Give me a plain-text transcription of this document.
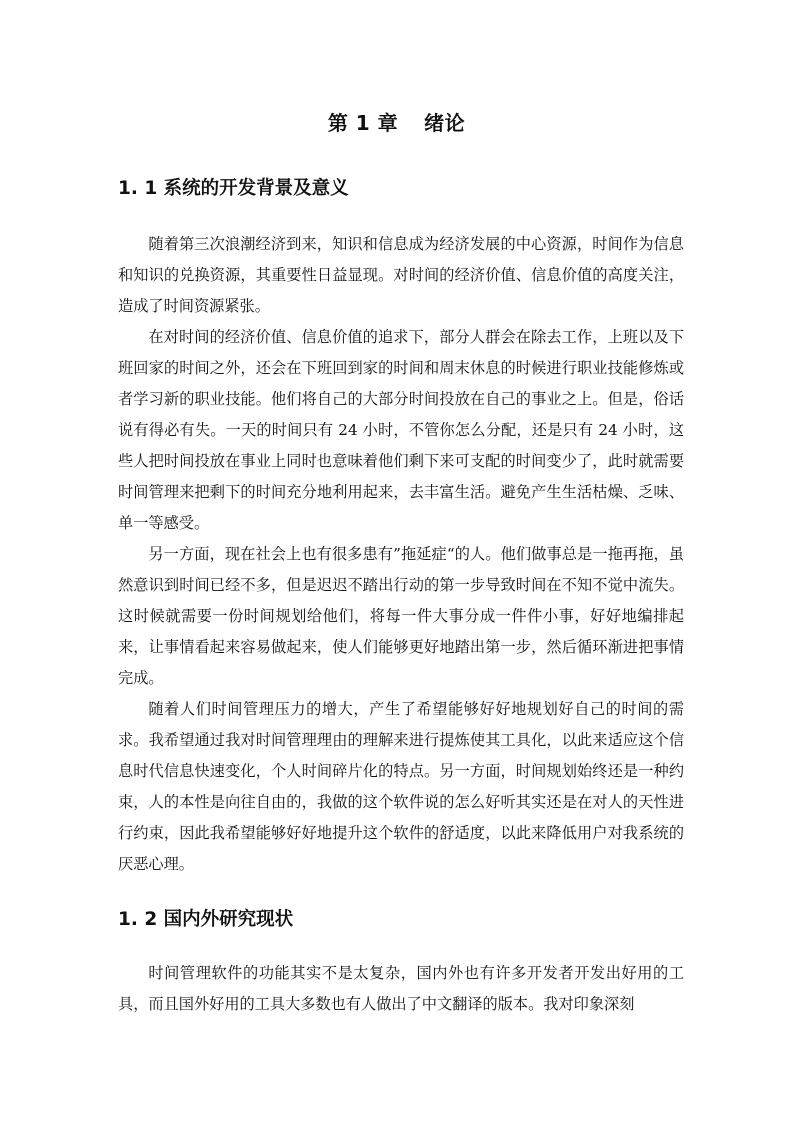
第 1 章 绪论
1. 1 系统的开发背景及意义

随着第三次浪潮经济到来，知识和信息成为经济发展的中心资源，时间作为信息和知识的兑换资源，其重要性日益显现。对时间的经济价值、信息价值的高度关注，造成了时间资源紧张。

在对时间的经济价值、信息价值的追求下，部分人群会在除去工作，上班以及下班回家的时间之外，还会在下班回到家的时间和周末休息的时候进行职业技能修炼或者学习新的职业技能。他们将自己的大部分时间投放在自己的事业之上。但是，俗话说有得必有失。一天的时间只有 24 小时，不管你怎么分配，还是只有 24 小时，这些人把时间投放在事业上同时也意味着他们剩下来可支配的时间变少了，此时就需要时间管理来把剩下的时间充分地利用起来，去丰富生活。避免产生生活枯燥、乏味、单一等感受。

另一方面，现在社会上也有很多患有”拖延症“的人。他们做事总是一拖再拖，虽然意识到时间已经不多，但是迟迟不踏出行动的第一步导致时间在不知不觉中流失。这时候就需要一份时间规划给他们，将每一件大事分成一件件小事，好好地编排起来，让事情看起来容易做起来，使人们能够更好地踏出第一步，然后循环渐进把事情完成。

随着人们时间管理压力的增大，产生了希望能够好好地规划好自己的时间的需求。我希望通过我对时间管理理由的理解来进行提炼使其工具化，以此来适应这个信息时代信息快速变化，个人时间碎片化的特点。另一方面，时间规划始终还是一种约束，人的本性是向往自由的，我做的这个软件说的怎么好听其实还是在对人的天性进行约束，因此我希望能够好好地提升这个软件的舒适度，以此来降低用户对我系统的厌恶心理。

1. 2 国内外研究现状

时间管理软件的功能其实不是太复杂，国内外也有许多开发者开发出好用的工具，而且国外好用的工具大多数也有人做出了中文翻译的版本。我对印象深刻
